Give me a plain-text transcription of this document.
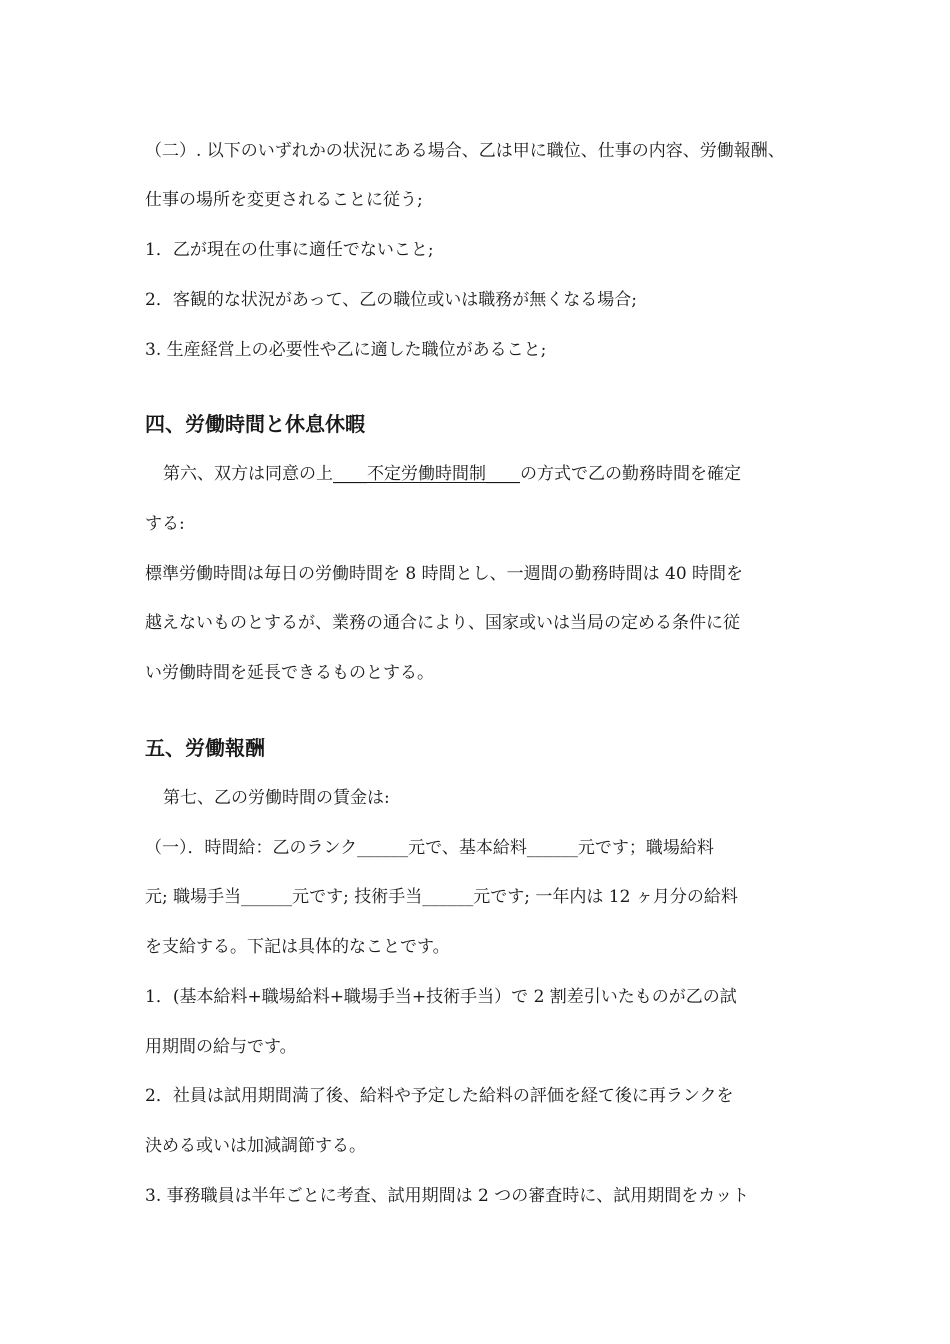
（二）. 以下のいずれかの状況にある場合、乙は甲に職位、仕事の内容、労働報酬、
仕事の場所を変更されることに従う;
1．乙が現在の仕事に適任でないこと;
2．客観的な状況があって、乙の職位或いは職務が無くなる場合;
3. 生産経営上の必要性や乙に適した職位があること;
四、労働時間と休息休暇
第六、双方は同意の上____不定労働時間制____の方式で乙の勤務時間を確定
する:
標準労働時間は毎日の労働時間を 8 時間とし、一週間の勤務時間は 40 時間を
越えないものとするが、業務の通合により、国家或いは当局の定める条件に従
い労働時間を延長できるものとする。
五、労働報酬
第七、乙の労働時間の賃金は:
（一）．時間給：乙のランク______元で、基本給料______元です；職場給料
元; 職場手当______元です; 技術手当______元です; 一年内は 12 ヶ月分の給料
を支給する。下記は具体的なことです。
1．(基本給料+職場給料+職場手当+技術手当）で 2 割差引いたものが乙の試
用期間の給与です。
2．社員は試用期間満了後、給料や予定した給料の評価を経て後に再ランクを
決める或いは加減調節する。
3. 事務職員は半年ごとに考査、試用期間は 2 つの審査時に、試用期間をカット
